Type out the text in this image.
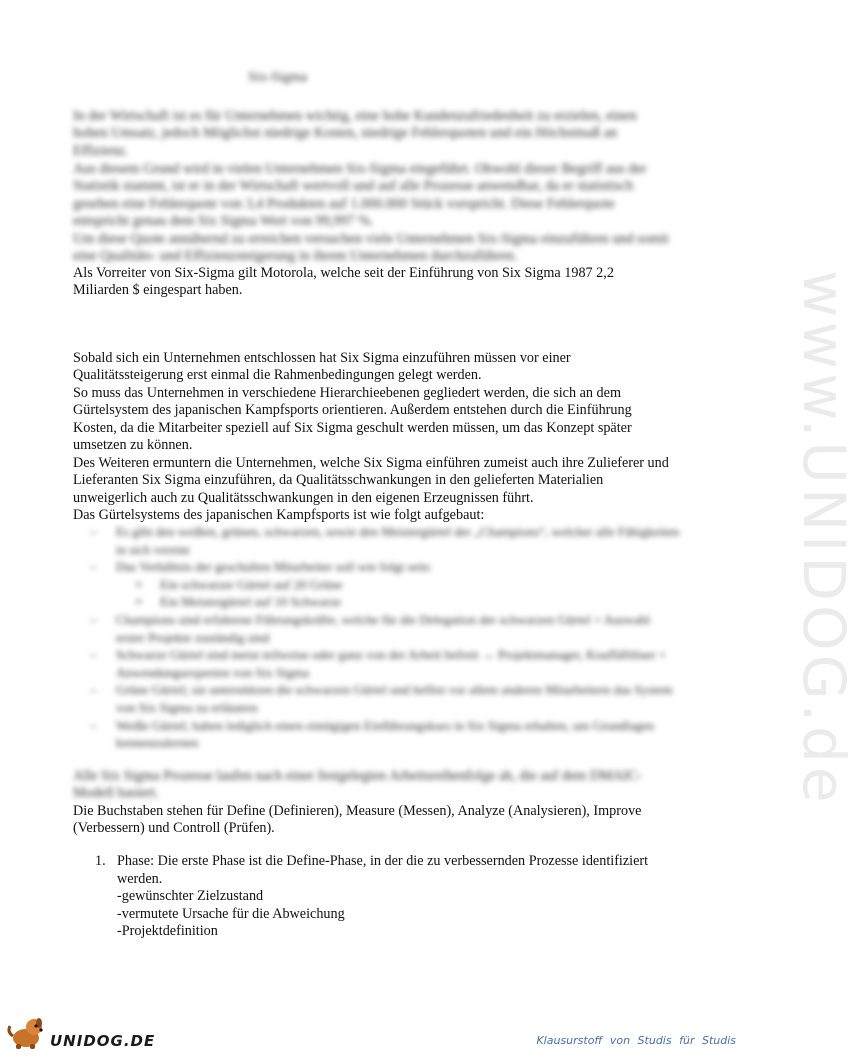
www.UNIDOG.de
Six-Sigma

In der Wirtschaft ist es für Unternehmen wichtig, eine hohe Kundenzufriedenheit zu erzielen, einen hohen Umsatz, jedoch Möglichst niedrige Kosten, niedrige Fehlerquoten und ein Höchstmaß an Effizienz.

Aus diesem Grund wird in vielen Unternehmen Six-Sigma eingeführt. Obwohl dieser Begriff aus der Statistik stammt, ist er in der Wirtschaft wertvoll und auf alle Prozesse anwendbar, da er statistisch gesehen eine Fehlerquote von 3,4 Produkten auf 1.000.000 Stück vorspricht. Diese Fehlerquote entspricht genau dem Six Sigma Wert von 99,997 %.

Um diese Quote annähernd zu erreichen versuchen viele Unternehmen Six-Sigma einzuführen und somit eine Qualitäts- und Effizienzsteigerung in ihrem Unternehmen durchzuführen.

Als Vorreiter von Six-Sigma gilt Motorola, welche seit der Einführung von Six Sigma 1987 2,2 Miliarden $ eingespart haben.

Sobald sich ein Unternehmen entschlossen hat Six Sigma einzuführen müssen vor einer Qualitätssteigerung erst einmal die Rahmenbedingungen gelegt werden.

So muss das Unternehmen in verschiedene Hierarchieebenen gegliedert werden, die sich an dem Gürtelsystem des japanischen Kampfsports orientieren. Außerdem entstehen durch die Einführung Kosten, da die Mitarbeiter speziell auf Six Sigma geschult werden müssen, um das Konzept später umsetzen zu können.

Des Weiteren ermuntern die Unternehmen, welche Six Sigma einführen zumeist auch ihre Zulieferer und Lieferanten Six Sigma einzuführen, da Qualitätsschwankungen in den gelieferten Materialien unweigerlich auch zu Qualitätsschwankungen in den eigenen Erzeugnissen führt.

Das Gürtelsystems des japanischen Kampfsports ist wie folgt aufgebaut:

– Es gibt den weißen, grünen, schwarzen, sowie den Meistergürtel der „Champions“, welcher alle Fähigkeiten in sich vereint
– Das Verhältnis der geschulten Mitarbeiter soll wie folgt sein:
o Ein schwarzer Gürtel auf 20 Grüne
o Ein Meistergürtel auf 10 Schwarze
– Champions sind erfahrene Führungskräfte, welche für die Delegation der schwarzen Gürtel + Auswahl erster Projekte zuständig sind
– Schwarze Gürtel sind meist teilweise oder ganz von der Arbeit befreit → Projektmanager, Koufläftlöser + Anwendungsexperten von Six Sigma
– Grüne Gürtel; sie unterstützen die schwarzen Gürtel und helfen vor allem anderen Mitarbeitern das System von Six Sigma zu erläutern
– Weiße Gürtel; haben lediglich einen eintägigen Einführungskurs in Six Sigma erhalten, um Grundlagen kennenzulernen

Alle Six Sigma Prozesse laufen nach einer festgelegten Arbeitsreihenfolge ab, die auf dem DMAIC-Modell basiert.

Die Buchstaben stehen für Define (Definieren), Measure (Messen), Analyze (Analysieren), Improve (Verbessern) und Controll (Prüfen).

1. Phase: Die erste Phase ist die Define-Phase, in der die zu verbessernden Prozesse identifiziert werden.
-gewünschter Zielzustand
-vermutete Ursache für die Abweichung
-Projektdefinition
UNIDOG.DE	Klausurstoff von Studis für Studis
